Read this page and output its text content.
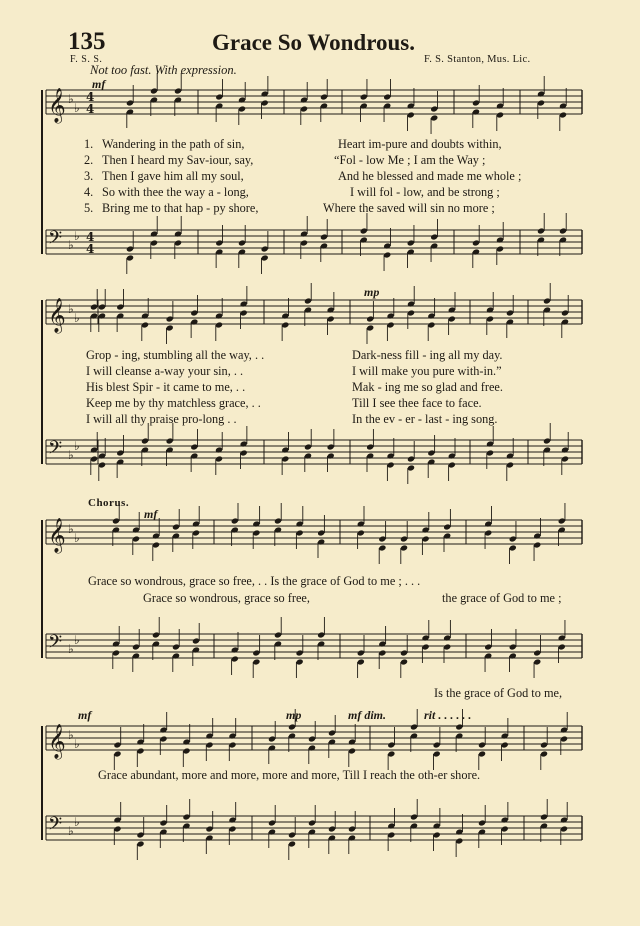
𝄞 ♭
♭
4
4
𝄢 ♭
♭ 4
4
𝄞 ♭
♭
𝄢 ♭
♭
𝄞 ♭
♭
𝄢 ♭
♭
𝄞 ♭
♭
𝄢 ♭
♭
135	Grace So Wondrous.
F. S. S.	F. S. Stanton, Mus. Lic.
Not too fast. With expression.
mf
mp
mf
mf	mp	mf dim.	rit . . . . . .
1. Wandering in the path of sin,	Heart im-pure and doubts within,
2. Then I heard my Sav-iour, say,	“Fol - low Me ; I am the Way ;
3. Then I gave him all my soul,	And he blessed and made me whole ;
4. So with thee the way a - long,	I will fol - low, and be strong ;
5. Bring me to that hap - py shore,	Where the saved will sin no more ;
Grop - ing, stumbling all the way, . .	Dark-ness fill - ing all my day.
I will cleanse a-way your sin, . .	I will make you pure with-in.”
His blest Spir - it came to me, . .	Mak - ing me so glad and free.
Keep me by thy matchless grace, . .	Till I see thee face to face.
I will all thy praise pro-long . .	In the ev - er - last - ing song.
Chorus.
Grace so wondrous, grace so free, . . Is the grace of God to me ; . . .
Grace so wondrous, grace so free,	the grace of God to me ;
Is the grace of God to me,
Grace abundant, more and more, more and more, Till I reach the oth-er shore.
